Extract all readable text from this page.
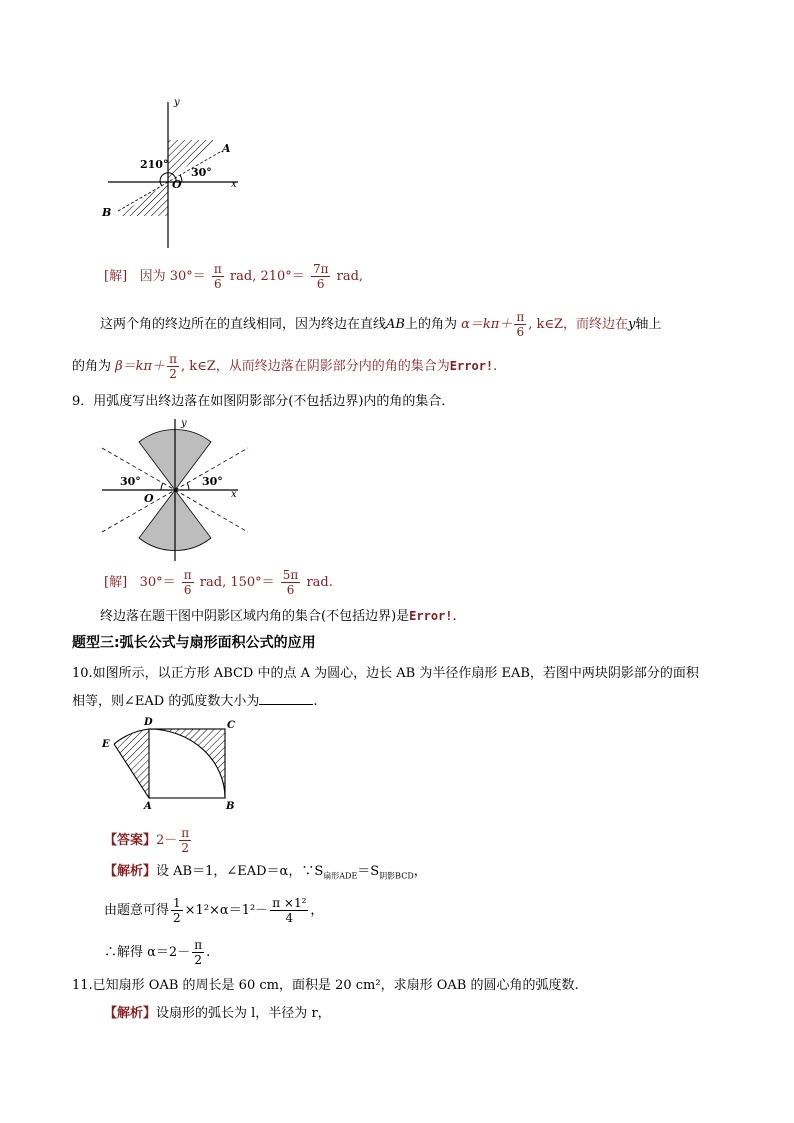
y
x
O
A
B
210°
30°
[解] 因为 $30^\circ= \frac{\pi}{6}$ rad, $210^\circ= \frac{7\pi}{6}$ rad,
这两个角的终边所在的直线相同，因为终边在直线AB上的角为 $\alpha=k\pi+ \frac{\pi}{6}$ , k∈Z，而终边在y轴上
的角为 $\beta=k\pi+ \frac{\pi}{2}$ , k∈Z，从而终边落在阴影部分内的角的集合为Error!.
9．用弧度写出终边落在如图阴影部分(不包括边界)内的角的集合．
y
x
O
30°	30°
[解] $30^\circ= \frac{\pi}{6}$ rad, $150^\circ= \frac{5\pi}{6}$ rad.
终边落在题干图中阴影区域内角的集合(不包括边界)是Error!.
题型三:弧长公式与扇形面积公式的应用
10.如图所示，以正方形 ABCD 中的点 A 为圆心，边长 AB 为半径作扇形 EAB，若图中两块阴影部分的面积
相等，则∠EAD 的弧度数大小为	.
D	C
E
A	B
【答案】$2- \frac{\pi}{2}$
【解析】设 AB＝1，∠EAD＝α，$\because S_{扇形ADE}=S_{阴影BCD}$，
由题意可得 $\frac{1}{2} \times 1^2\times\alpha=1^2- \frac{\text{π ×1²}}{4}$ ，
∴解得 $\alpha=2- \frac{\pi}{2}$ .
11.已知扇形 OAB 的周长是 60 cm，面积是 20 cm²，求扇形 OAB 的圆心角的弧度数.
【解析】设扇形的弧长为 l，半径为 r，
